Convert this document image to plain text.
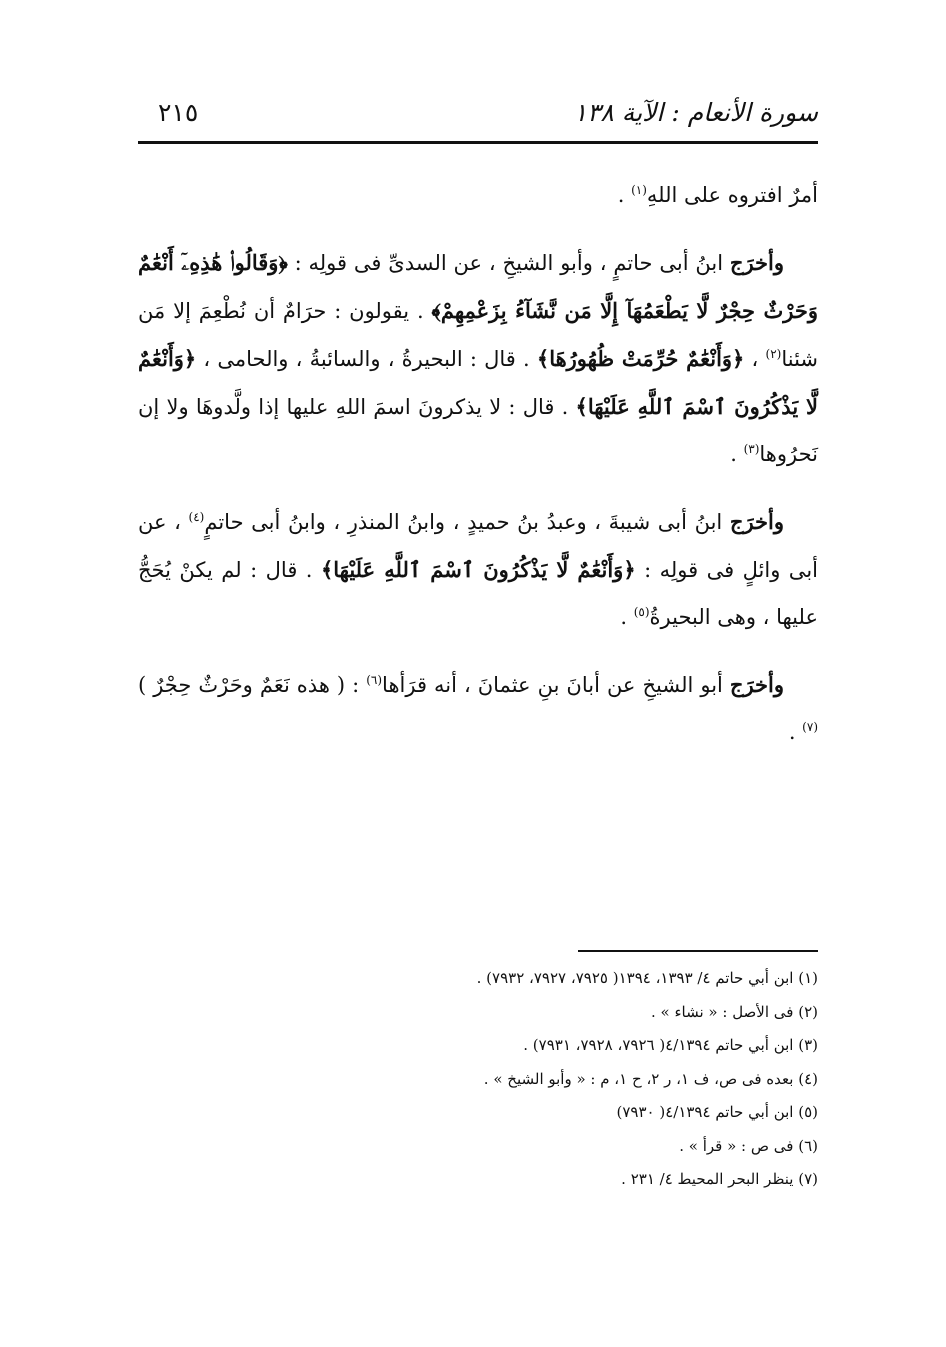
سورة الأنعام : الآية ١٣٨
٢١٥

أمرٌ افتروه على اللهِ$^{(١)}$ .

وأخرَج ابنُ أبى حاتمٍ ، وأبو الشيخِ ، عن السدىِّ فى قولِه : ﴿وَقَالُوا۟ هَٰذِهِۦٓ أَنْعَٰمٌ وَحَرْثٌ حِجْرٌ لَّا يَطْعَمُهَآ إِلَّا مَن نَّشَآءُ بِزَعْمِهِمْ﴾ . يقولون : حرَامٌ أن نُطْعِمَ إلا مَن شئنا$^{(٢)}$ ، ﴿وَأَنْعَٰمٌ حُرِّمَتْ ظُهُورُهَا﴾ . قال : البحيرةُ ، والسائبةُ ، والحامى ، ﴿وَأَنْعَٰمٌ لَّا يَذْكُرُونَ ٱسْمَ ٱللَّهِ عَلَيْهَا﴾ . قال : لا يذكرونَ اسمَ اللهِ عليها إذا ولَّدوهَا ولا إن نَحرُوها$^{(٣)}$ .

وأخرَج ابنُ أبى شيبةَ ، وعبدُ بنُ حميدٍ ، وابنُ المنذرِ ، وابنُ أبى حاتمٍ$^{(٤)}$ ، عن أبى وائلٍ فى قولِه : ﴿وَأَنْعَٰمٌ لَّا يَذْكُرُونَ ٱسْمَ ٱللَّهِ عَلَيْهَا﴾ . قال : لم يكنْ يُحَجُّ عليها ، وهى البحيرةُ$^{(٥)}$ .

وأخرَج أبو الشيخِ عن أبانَ بنِ عثمانَ ، أنه قرَأها$^{(٦)}$ : ( هذه نَعَمٌ وحَرْثٌ حِجْرٌ )$^{(٧)}$ .

(١) ابن أبي حاتم ٤/ ١٣٩٣، ١٣٩٤( ٧٩٢٥، ٧٩٢٧، ٧٩٣٢) .
(٢) فى الأصل : « نشاء » .
(٣) ابن أبي حاتم ٤/١٣٩٤( ٧٩٢٦، ٧٩٢٨، ٧٩٣١) .
(٤) بعده فى ص، ف ١، ر ٢، ح ١، م : « وأبو الشيخ » .
(٥) ابن أبي حاتم ٤/١٣٩٤( ٧٩٣٠)
(٦) فى ص : « قرأ » .
(٧) ينظر البحر المحيط ٤/ ٢٣١ .
